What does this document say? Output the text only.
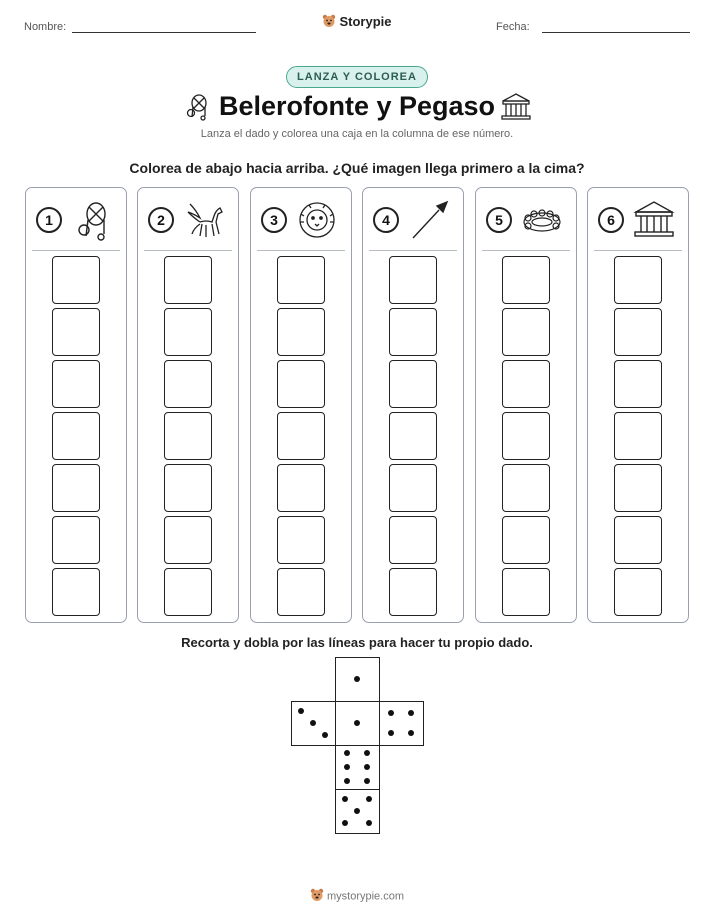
Nombre:	Storypie	Fecha:
LANZA Y COLOREA
Belerofonte y Pegaso
Lanza el dado y colorea una caja en la columna de ese número.
Colorea de abajo hacia arriba. ¿Qué imagen llega primero a la cima?
1	2	3	4	5	6
Recorta y dobla por las líneas para hacer tu propio dado.
mystorypie.com
